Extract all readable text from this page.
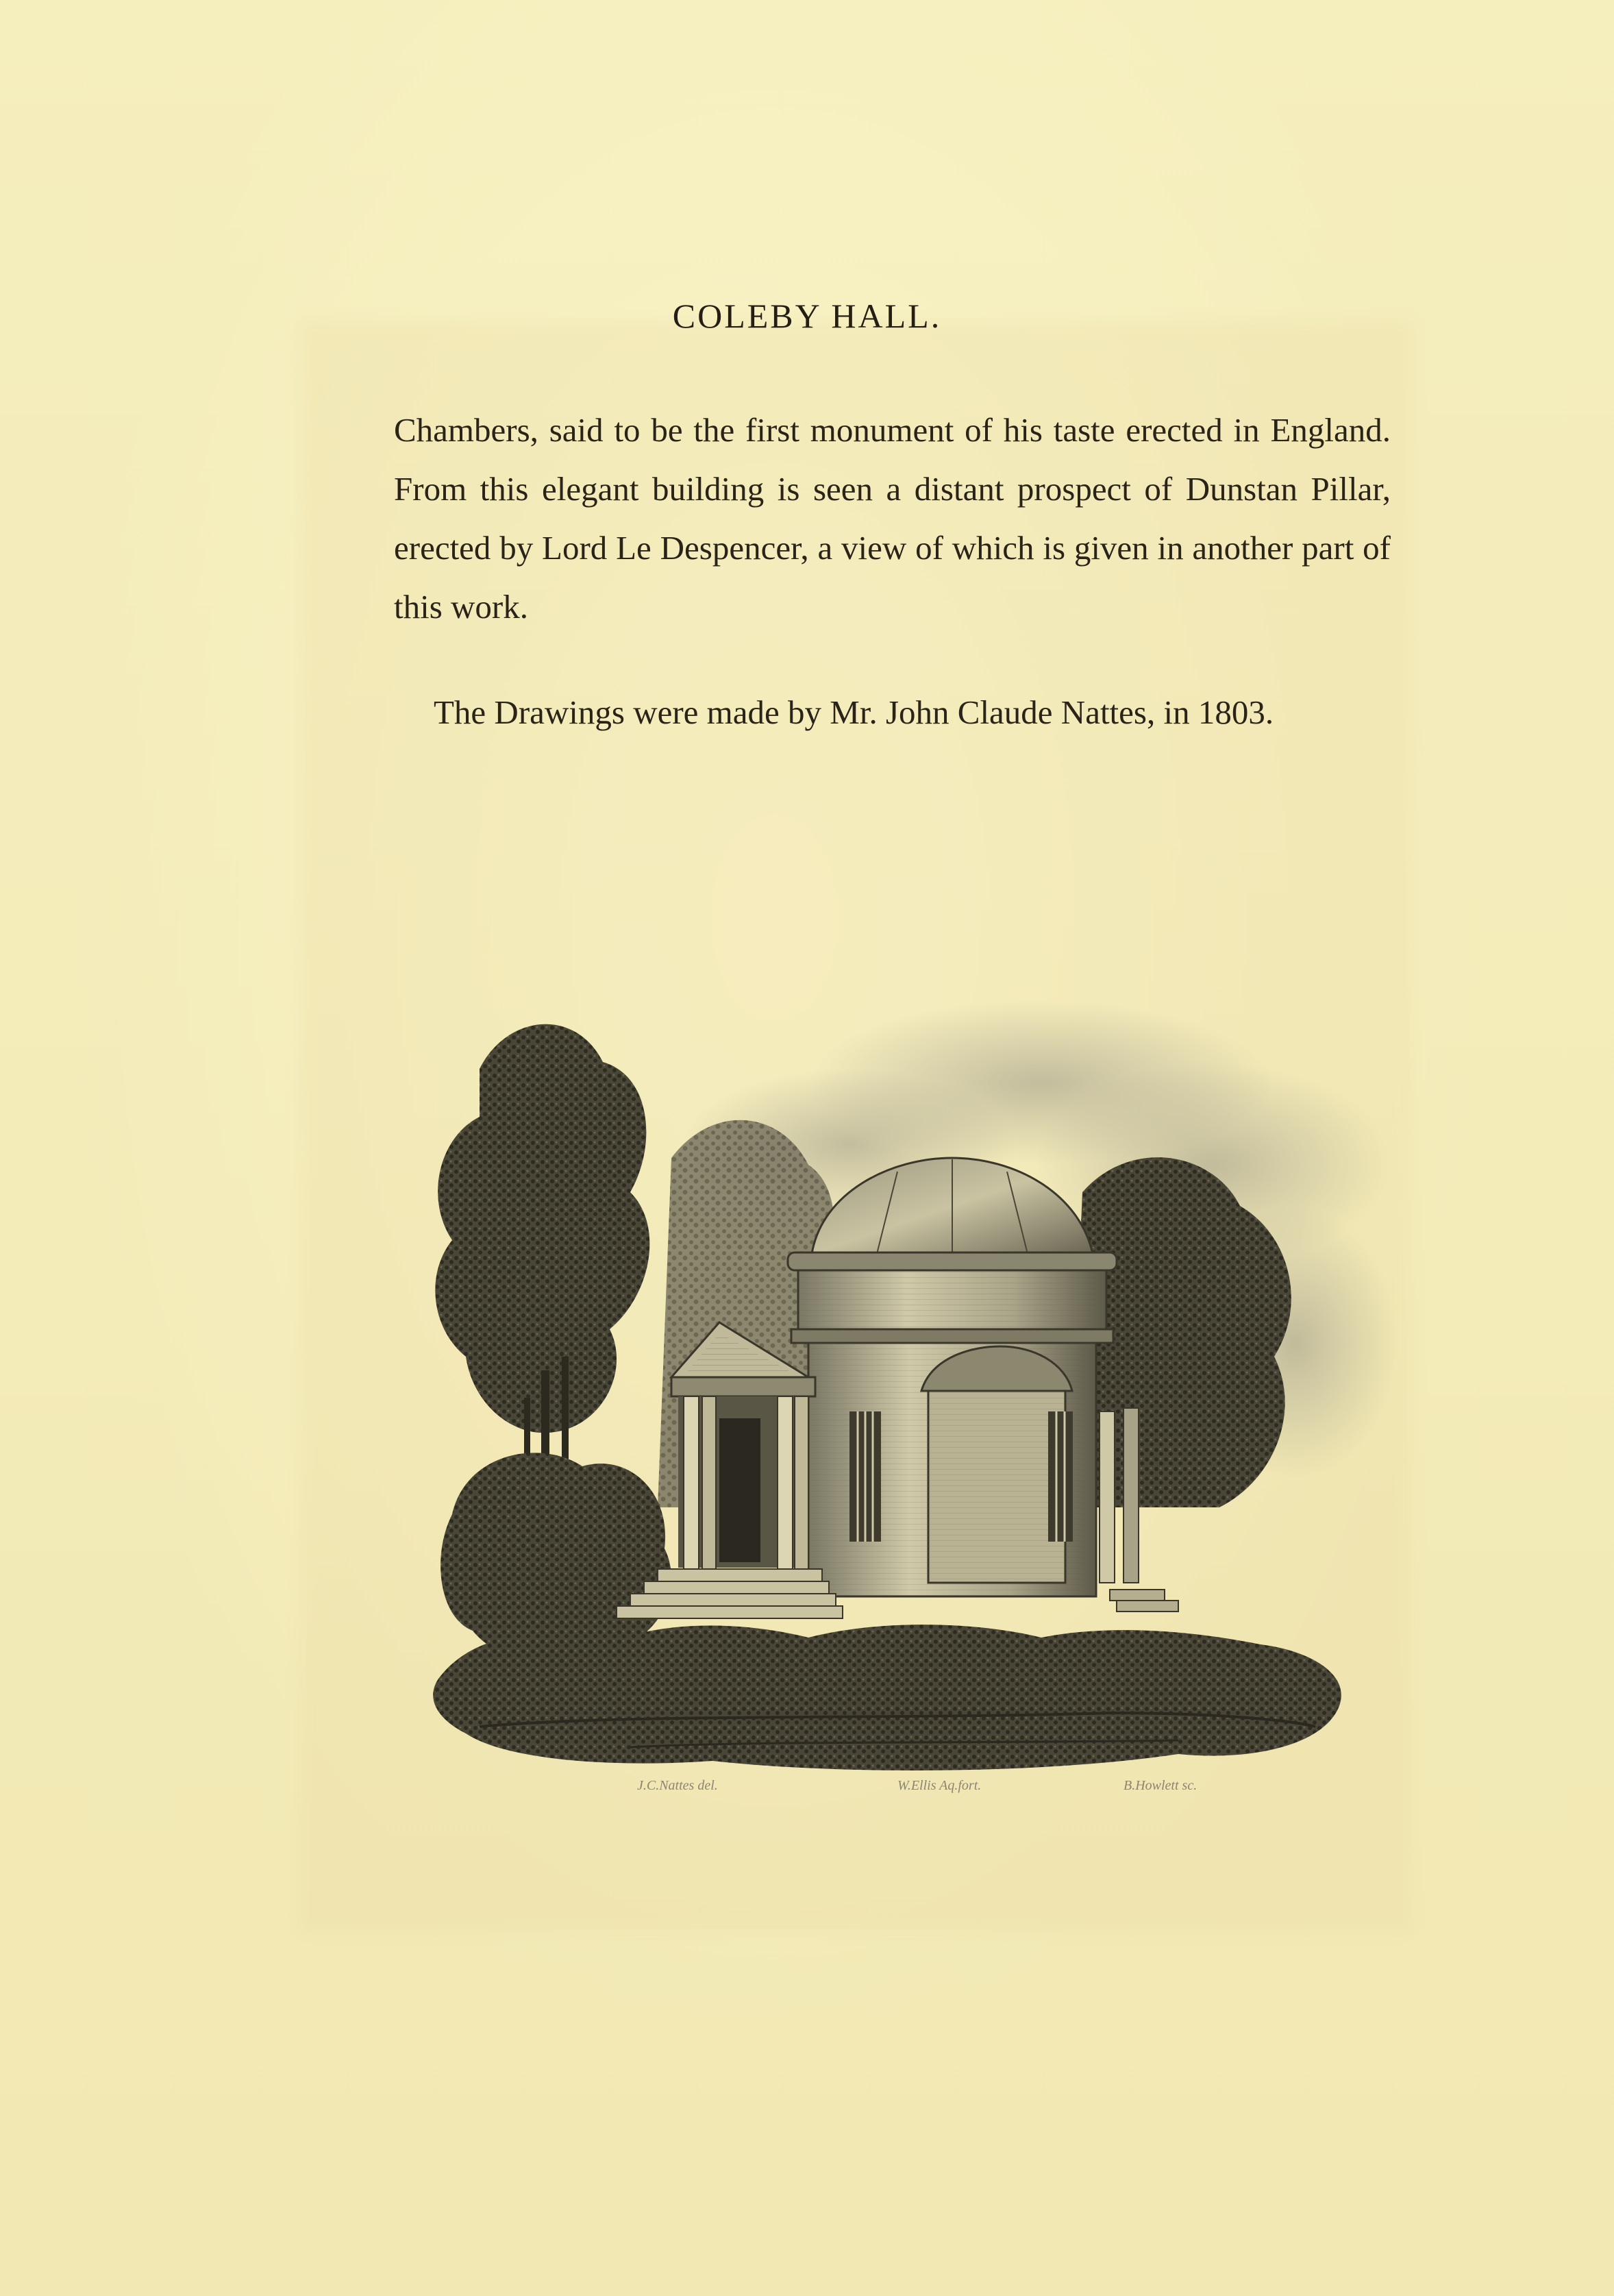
COLEBY HALL.

Chambers, said to be the first monument of his taste erected in England. From this elegant building is seen a distant prospect of Dunstan Pillar, erected by Lord Le Despencer, a view of which is given in another part of this work.

The Drawings were made by Mr. John Claude Nattes, in 1803.

J.C.Nattes del.	W.Ellis Aq.fort.	B.Howlett sc.
